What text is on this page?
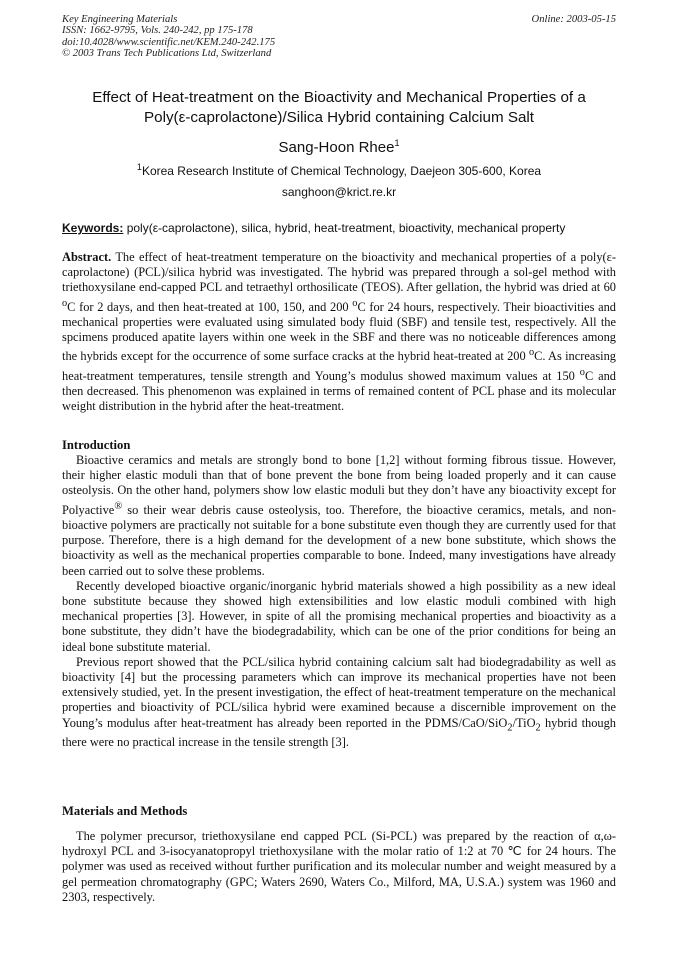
Key Engineering Materials
ISSN: 1662-9795, Vols. 240-242, pp 175-178
doi:10.4028/www.scientific.net/KEM.240-242.175
© 2003 Trans Tech Publications Ltd, Switzerland
Online: 2003-05-15
Effect of Heat-treatment on the Bioactivity and Mechanical Properties of a
Poly(ε-caprolactone)/Silica Hybrid containing Calcium Salt
Sang-Hoon Rhee$^1$
$^1$Korea Research Institute of Chemical Technology, Daejeon 305-600, Korea
sanghoon@krict.re.kr
Keywords: poly(ε-caprolactone), silica, hybrid, heat-treatment, bioactivity, mechanical property
Abstract. The effect of heat-treatment temperature on the bioactivity and mechanical properties of a poly(ε-caprolactone) (PCL)/silica hybrid was investigated. The hybrid was prepared through a sol-gel method with triethoxysilane end-capped PCL and tetraethyl orthosilicate (TEOS). After gellation, the hybrid was dried at 60 $^o$C for 2 days, and then heat-treated at 100, 150, and 200 $^o$C for 24 hours, respectively. Their bioactivities and mechanical properties were evaluated using simulated body fluid (SBF) and tensile test, respectively. All the spcimens produced apatite layers within one week in the SBF and there was no noticeable differences among the hybrids except for the occurrence of some surface cracks at the hybrid heat-treated at 200 $^o$C. As increasing heat-treatment temperatures, tensile strength and Young’s modulus showed maximum values at 150 $^o$C and then decreased. This phenomenon was explained in terms of remained content of PCL phase and its molecular weight distribution in the hybrid after the heat-treatment.
Introduction

Bioactive ceramics and metals are strongly bond to bone [1,2] without forming fibrous tissue. However, their higher elastic moduli than that of bone prevent the bone from being loaded properly and it can cause osteolysis. On the other hand, polymers show low elastic moduli but they don’t have any bioactivity except for Polyactive® so their wear debris cause osteolysis, too. Therefore, the bioactive ceramics, metals, and non-bioactive polymers are practically not suitable for a bone substitute even though they are currently used for that purpose. Therefore, there is a high demand for the development of a new bone substitute, which shows the bioactivity as well as the mechanical properties comparable to bone. Indeed, many investigations have already been carried out to solve these problems.

Recently developed bioactive organic/inorganic hybrid materials showed a high possibility as a new ideal bone substitute because they showed high extensibilities and low elastic moduli combined with high mechanical properties [3]. However, in spite of all the promising mechanical properties and bioactivity as a bone substitute, they didn’t have the biodegradability, which can be one of the prior conditions for being an ideal bone substitute material.

Previous report showed that the PCL/silica hybrid containing calcium salt had biodegradability as well as bioactivity [4] but the processing parameters which can improve its mechanical properties have not been extensively studied, yet. In the present investigation, the effect of heat-treatment temperature on the mechanical properties and bioactivity of PCL/silica hybrid were examined because a discernible improvement on the Young’s modulus after heat-treatment has already been reported in the PDMS/CaO/SiO$_2$/TiO$_2$ hybrid though there were no practical increase in the tensile strength [3].

Materials and Methods

The polymer precursor, triethoxysilane end capped PCL (Si-PCL) was prepared by the reaction of α,ω-hydroxyl PCL and 3-isocyanatopropyl triethoxysilane with the molar ratio of 1:2 at 70 ℃ for 24 hours. The polymer was used as received without further purification and its molecular number and weight measured by a gel permeation chromatography (GPC; Waters 2690, Waters Co., Milford, MA, U.S.A.) system was 1960 and 2303, respectively.
